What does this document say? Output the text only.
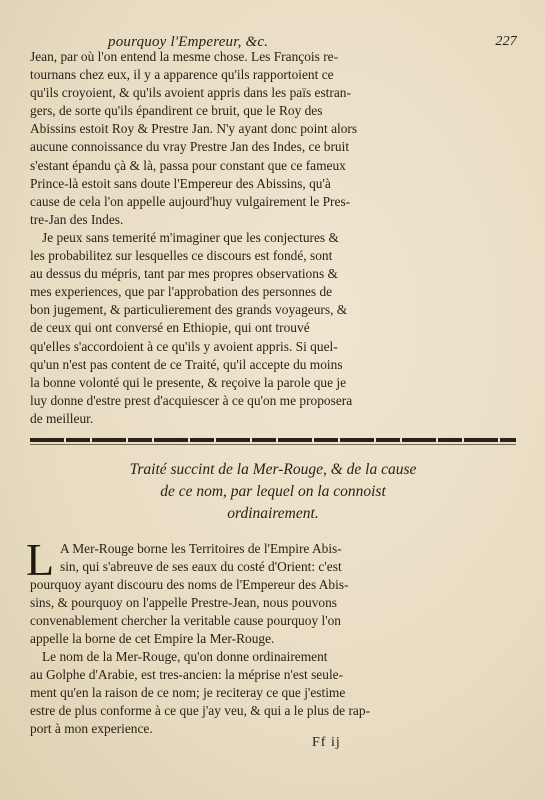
pourquoy l'Empereur, &c.	227
Jean, par où l'on entend la mesme chose. Les François re-
tournans chez eux, il y a apparence qu'ils rapportoient ce
qu'ils croyoient, & qu'ils avoient appris dans les païs estran-
gers, de sorte qu'ils épandirent ce bruit, que le Roy des
Abissins estoit Roy & Prestre Jan. N'y ayant donc point alors
aucune connoissance du vray Prestre Jan des Indes, ce bruit
s'estant épandu çà & là, passa pour constant que ce fameux
Prince-là estoit sans doute l'Empereur des Abissins, qu'à
cause de cela l'on appelle aujourd'huy vulgairement le Pres-
tre-Jan des Indes.
Je peux sans temerité m'imaginer que les conjectures &
les probabilitez sur lesquelles ce discours est fondé, sont
au dessus du mépris, tant par mes propres observations &
mes experiences, que par l'approbation des personnes de
bon jugement, & particulierement des grands voyageurs, &
de ceux qui ont conversé en Ethiopie, qui ont trouvé
qu'elles s'accordoient à ce qu'ils y avoient appris. Si quel-
qu'un n'est pas content de ce Traité, qu'il accepte du moins
la bonne volonté qui le presente, & reçoive la parole que je
luy donne d'estre prest d'acquiescer à ce qu'on me proposera
de meilleur.
Traité succint de la Mer-Rouge, & de la cause
de ce nom, par lequel on la connoist
ordinairement.
L A Mer-Rouge borne les Territoires de l'Empire Abis-
sin, qui s'abreuve de ses eaux du costé d'Orient: c'est
pourquoy ayant discouru des noms de l'Empereur des Abis-
sins, & pourquoy on l'appelle Prestre-Jean, nous pouvons
convenablement chercher la veritable cause pourquoy l'on
appelle la borne de cet Empire la Mer-Rouge.
Le nom de la Mer-Rouge, qu'on donne ordinairement
au Golphe d'Arabie, est tres-ancien: la méprise n'est seule-
ment qu'en la raison de ce nom; je reciteray ce que j'estime
estre de plus conforme à ce que j'ay veu, & qui a le plus de rap-
port à mon experience.
Ff ij
